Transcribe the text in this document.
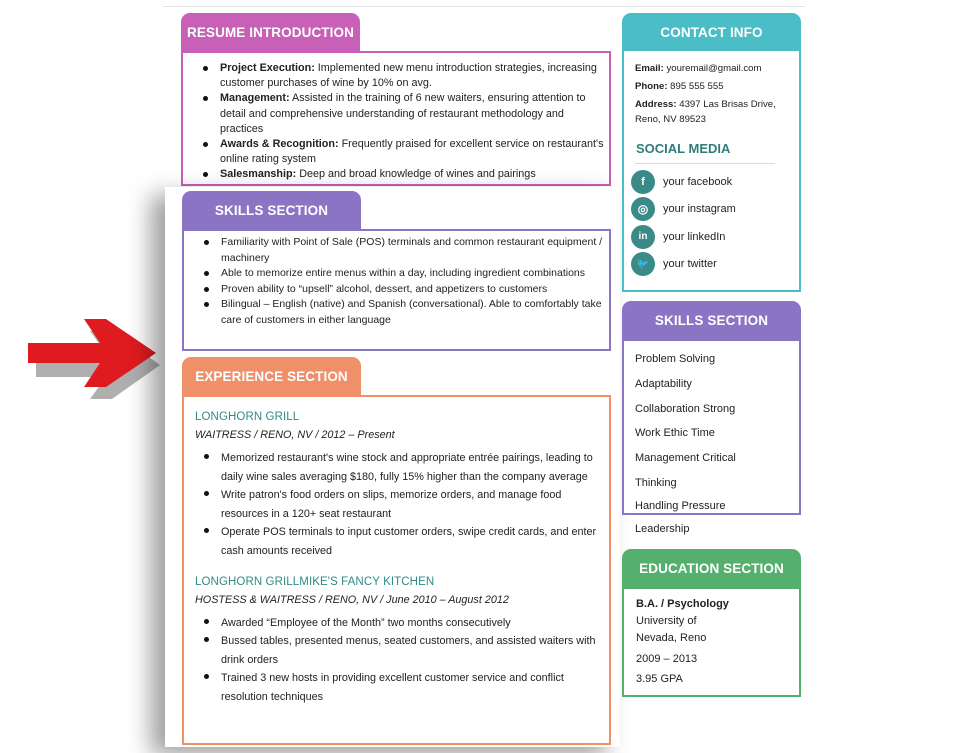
RESUME INTRODUCTION
Project Execution: Implemented new menu introduction strategies, increasing customer purchases of wine by 10% on avg.
Management: Assisted in the training of 6 new waiters, ensuring attention to detail and comprehensive understanding of restaurant methodology and practices
Awards & Recognition: Frequently praised for excellent service on restaurant's online rating system
Salesmanship: Deep and broad knowledge of wines and pairings
SKILLS SECTION
Familiarity with Point of Sale (POS) terminals and common restaurant equipment / machinery
Able to memorize entire menus within a day, including ingredient combinations
Proven ability to “upsell” alcohol, dessert, and appetizers to customers
Bilingual – English (native) and Spanish (conversational). Able to comfortably take care of customers in either language
EXPERIENCE SECTION
LONGHORN GRILL
WAITRESS / RENO, NV / 2012 – Present
Memorized restaurant's wine stock and appropriate entrée pairings, leading to daily wine sales averaging $180, fully 15% higher than the company average
Write patron's food orders on slips, memorize orders, and manage food resources in a 120+ seat restaurant
Operate POS terminals to input customer orders, swipe credit cards, and enter cash amounts received
LONGHORN GRILLMIKE'S FANCY KITCHEN
HOSTESS & WAITRESS / RENO, NV / June 2010 – August 2012
Awarded “Employee of the Month” two months consecutively
Bussed tables, presented menus, seated customers, and assisted waiters with drink orders
Trained 3 new hosts in providing excellent customer service and conflict resolution techniques
CONTACT INFO
Email: youremail@gmail.com
Phone: 895 555 555
Address: 4397 Las Brisas Drive, Reno, NV 89523
SOCIAL MEDIA
f	your facebook
◎	your instagram
in	your linkedIn
🐦	your twitter
SKILLS SECTION
Problem Solving
Adaptability
Collaboration Strong
Work Ethic Time
Management Critical
Thinking
Handling Pressure
Leadership
EDUCATION SECTION
B.A. / Psychology
University of
Nevada, Reno
2009 – 2013
3.95 GPA
